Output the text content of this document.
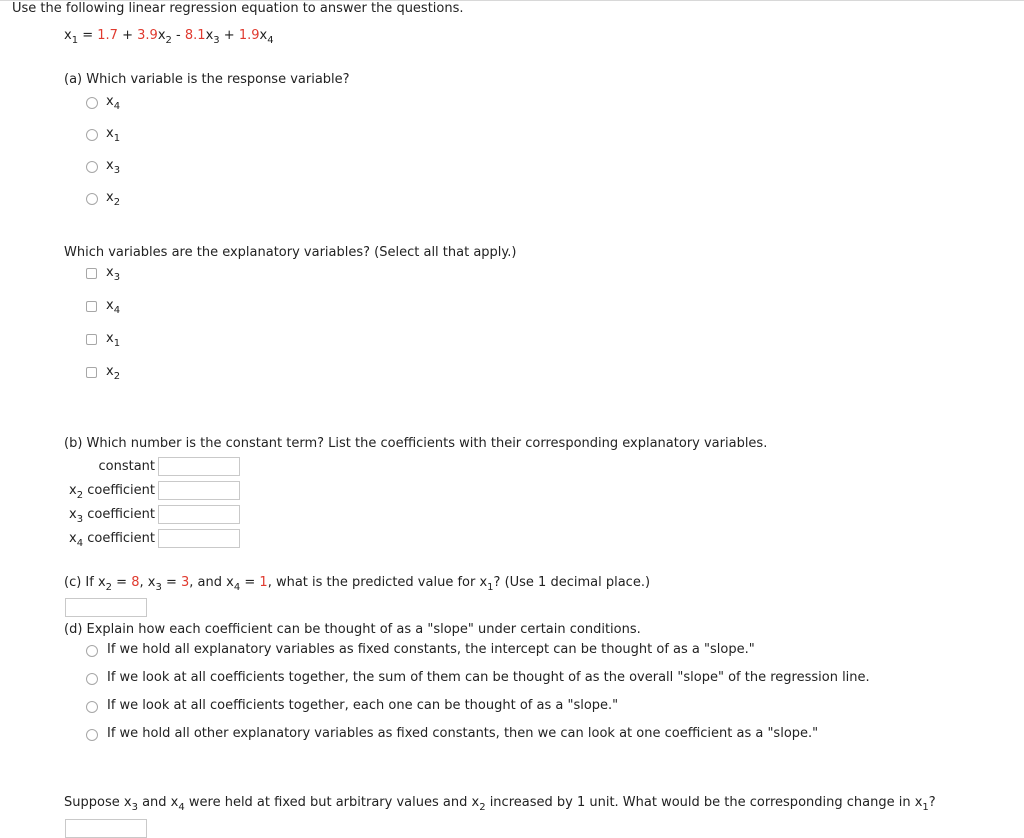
Use the following linear regression equation to answer the questions.
$x_1 = 1.7 + 3.9x_2 - 8.1x_3 + 1.9x_4$
(a) Which variable is the response variable?
$x_4$
$x_1$
$x_3$
$x_2$
Which variables are the explanatory variables? (Select all that apply.)
$x_3$
$x_4$
$x_1$
$x_2$
(b) Which number is the constant term? List the coefficients with their corresponding explanatory variables.
constant
$x_2$ coefficient
$x_3$ coefficient
$x_4$ coefficient
(c) If $x_2 = 8$, $x_3 = 3$, and $x_4 = 1$, what is the predicted value for $x_1$? (Use 1 decimal place.)
(d) Explain how each coefficient can be thought of as a "slope" under certain conditions.
If we hold all explanatory variables as fixed constants, the intercept can be thought of as a "slope."
If we look at all coefficients together, the sum of them can be thought of as the overall "slope" of the regression line.
If we look at all coefficients together, each one can be thought of as a "slope."
If we hold all other explanatory variables as fixed constants, then we can look at one coefficient as a "slope."
Suppose $x_3$ and $x_4$ were held at fixed but arbitrary values and $x_2$ increased by 1 unit. What would be the corresponding change in $x_1$?
